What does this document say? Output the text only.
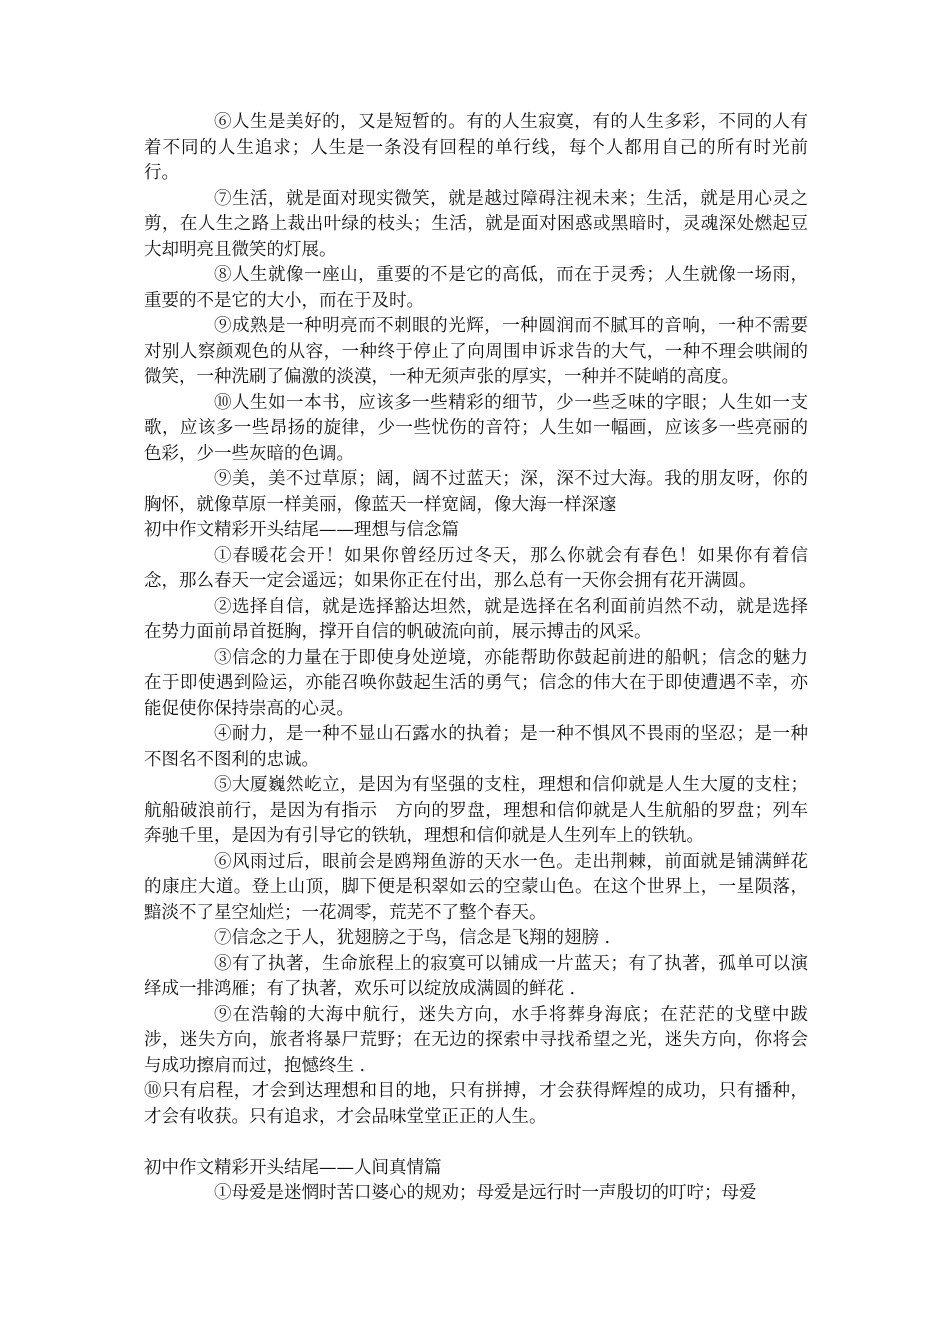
⑥人生是美好的，又是短暂的。有的人生寂寞，有的人生多彩，不同的人有着不同的人生追求；人生是一条没有回程的单行线，每个人都用自己的所有时光前行。

⑦生活，就是面对现实微笑，就是越过障碍注视未来；生活，就是用心灵之剪，在人生之路上裁出叶绿的枝头；生活，就是面对困惑或黑暗时，灵魂深处燃起豆大却明亮且微笑的灯展。

⑧人生就像一座山，重要的不是它的高低，而在于灵秀；人生就像一场雨，重要的不是它的大小，而在于及时。

⑨成熟是一种明亮而不刺眼的光辉，一种圆润而不腻耳的音响，一种不需要对别人察颜观色的从容，一种终于停止了向周围申诉求告的大气，一种不理会哄闹的微笑，一种洗刷了偏激的淡漠，一种无须声张的厚实，一种并不陡峭的高度。

⑩人生如一本书，应该多一些精彩的细节，少一些乏味的字眼；人生如一支歌，应该多一些昂扬的旋律，少一些忧伤的音符；人生如一幅画，应该多一些亮丽的色彩，少一些灰暗的色调。

⑨美，美不过草原；阔，阔不过蓝天；深，深不过大海。我的朋友呀，你的胸怀，就像草原一样美丽，像蓝天一样宽阔，像大海一样深邃

初中作文精彩开头结尾——理想与信念篇

①春暖花会开！如果你曾经历过冬天，那么你就会有春色！如果你有着信念，那么春天一定会遥远；如果你正在付出，那么总有一天你会拥有花开满圆。

②选择自信，就是选择豁达坦然，就是选择在名利面前岿然不动，就是选择在势力面前昂首挺胸，撑开自信的帆破流向前，展示搏击的风采。

③信念的力量在于即使身处逆境，亦能帮助你鼓起前进的船帆；信念的魅力在于即使遇到险运，亦能召唤你鼓起生活的勇气；信念的伟大在于即使遭遇不幸，亦能促使你保持崇高的心灵。

④耐力，是一种不显山石露水的执着；是一种不惧风不畏雨的坚忍；是一种不图名不图利的忠诚。

⑤大厦巍然屹立，是因为有坚强的支柱，理想和信仰就是人生大厦的支柱；航船破浪前行，是因为有指示　方向的罗盘，理想和信仰就是人生航船的罗盘；列车奔驰千里，是因为有引导它的铁轨，理想和信仰就是人生列车上的铁轨。

⑥风雨过后，眼前会是鸥翔鱼游的天水一色。走出荆棘，前面就是铺满鲜花的康庄大道。登上山顶，脚下便是积翠如云的空蒙山色。在这个世界上，一星陨落，黯淡不了星空灿烂；一花凋零，荒芜不了整个春天。

⑦信念之于人，犹翅膀之于鸟，信念是飞翔的翅膀 .

⑧有了执著，生命旅程上的寂寞可以铺成一片蓝天；有了执著，孤单可以演绎成一排鸿雁；有了执著，欢乐可以绽放成满圆的鲜花 .

⑨在浩翰的大海中航行，迷失方向，水手将葬身海底；在茫茫的戈壁中跋涉，迷失方向，旅者将暴尸荒野；在无边的探索中寻找希望之光，迷失方向，你将会与成功擦肩而过，抱憾终生 .

⑩只有启程，才会到达理想和目的地，只有拼搏，才会获得辉煌的成功，只有播种，才会有收获。只有追求，才会品味堂堂正正的人生。

初中作文精彩开头结尾——人间真情篇

①母爱是迷惘时苦口婆心的规劝；母爱是远行时一声殷切的叮咛；母爱
